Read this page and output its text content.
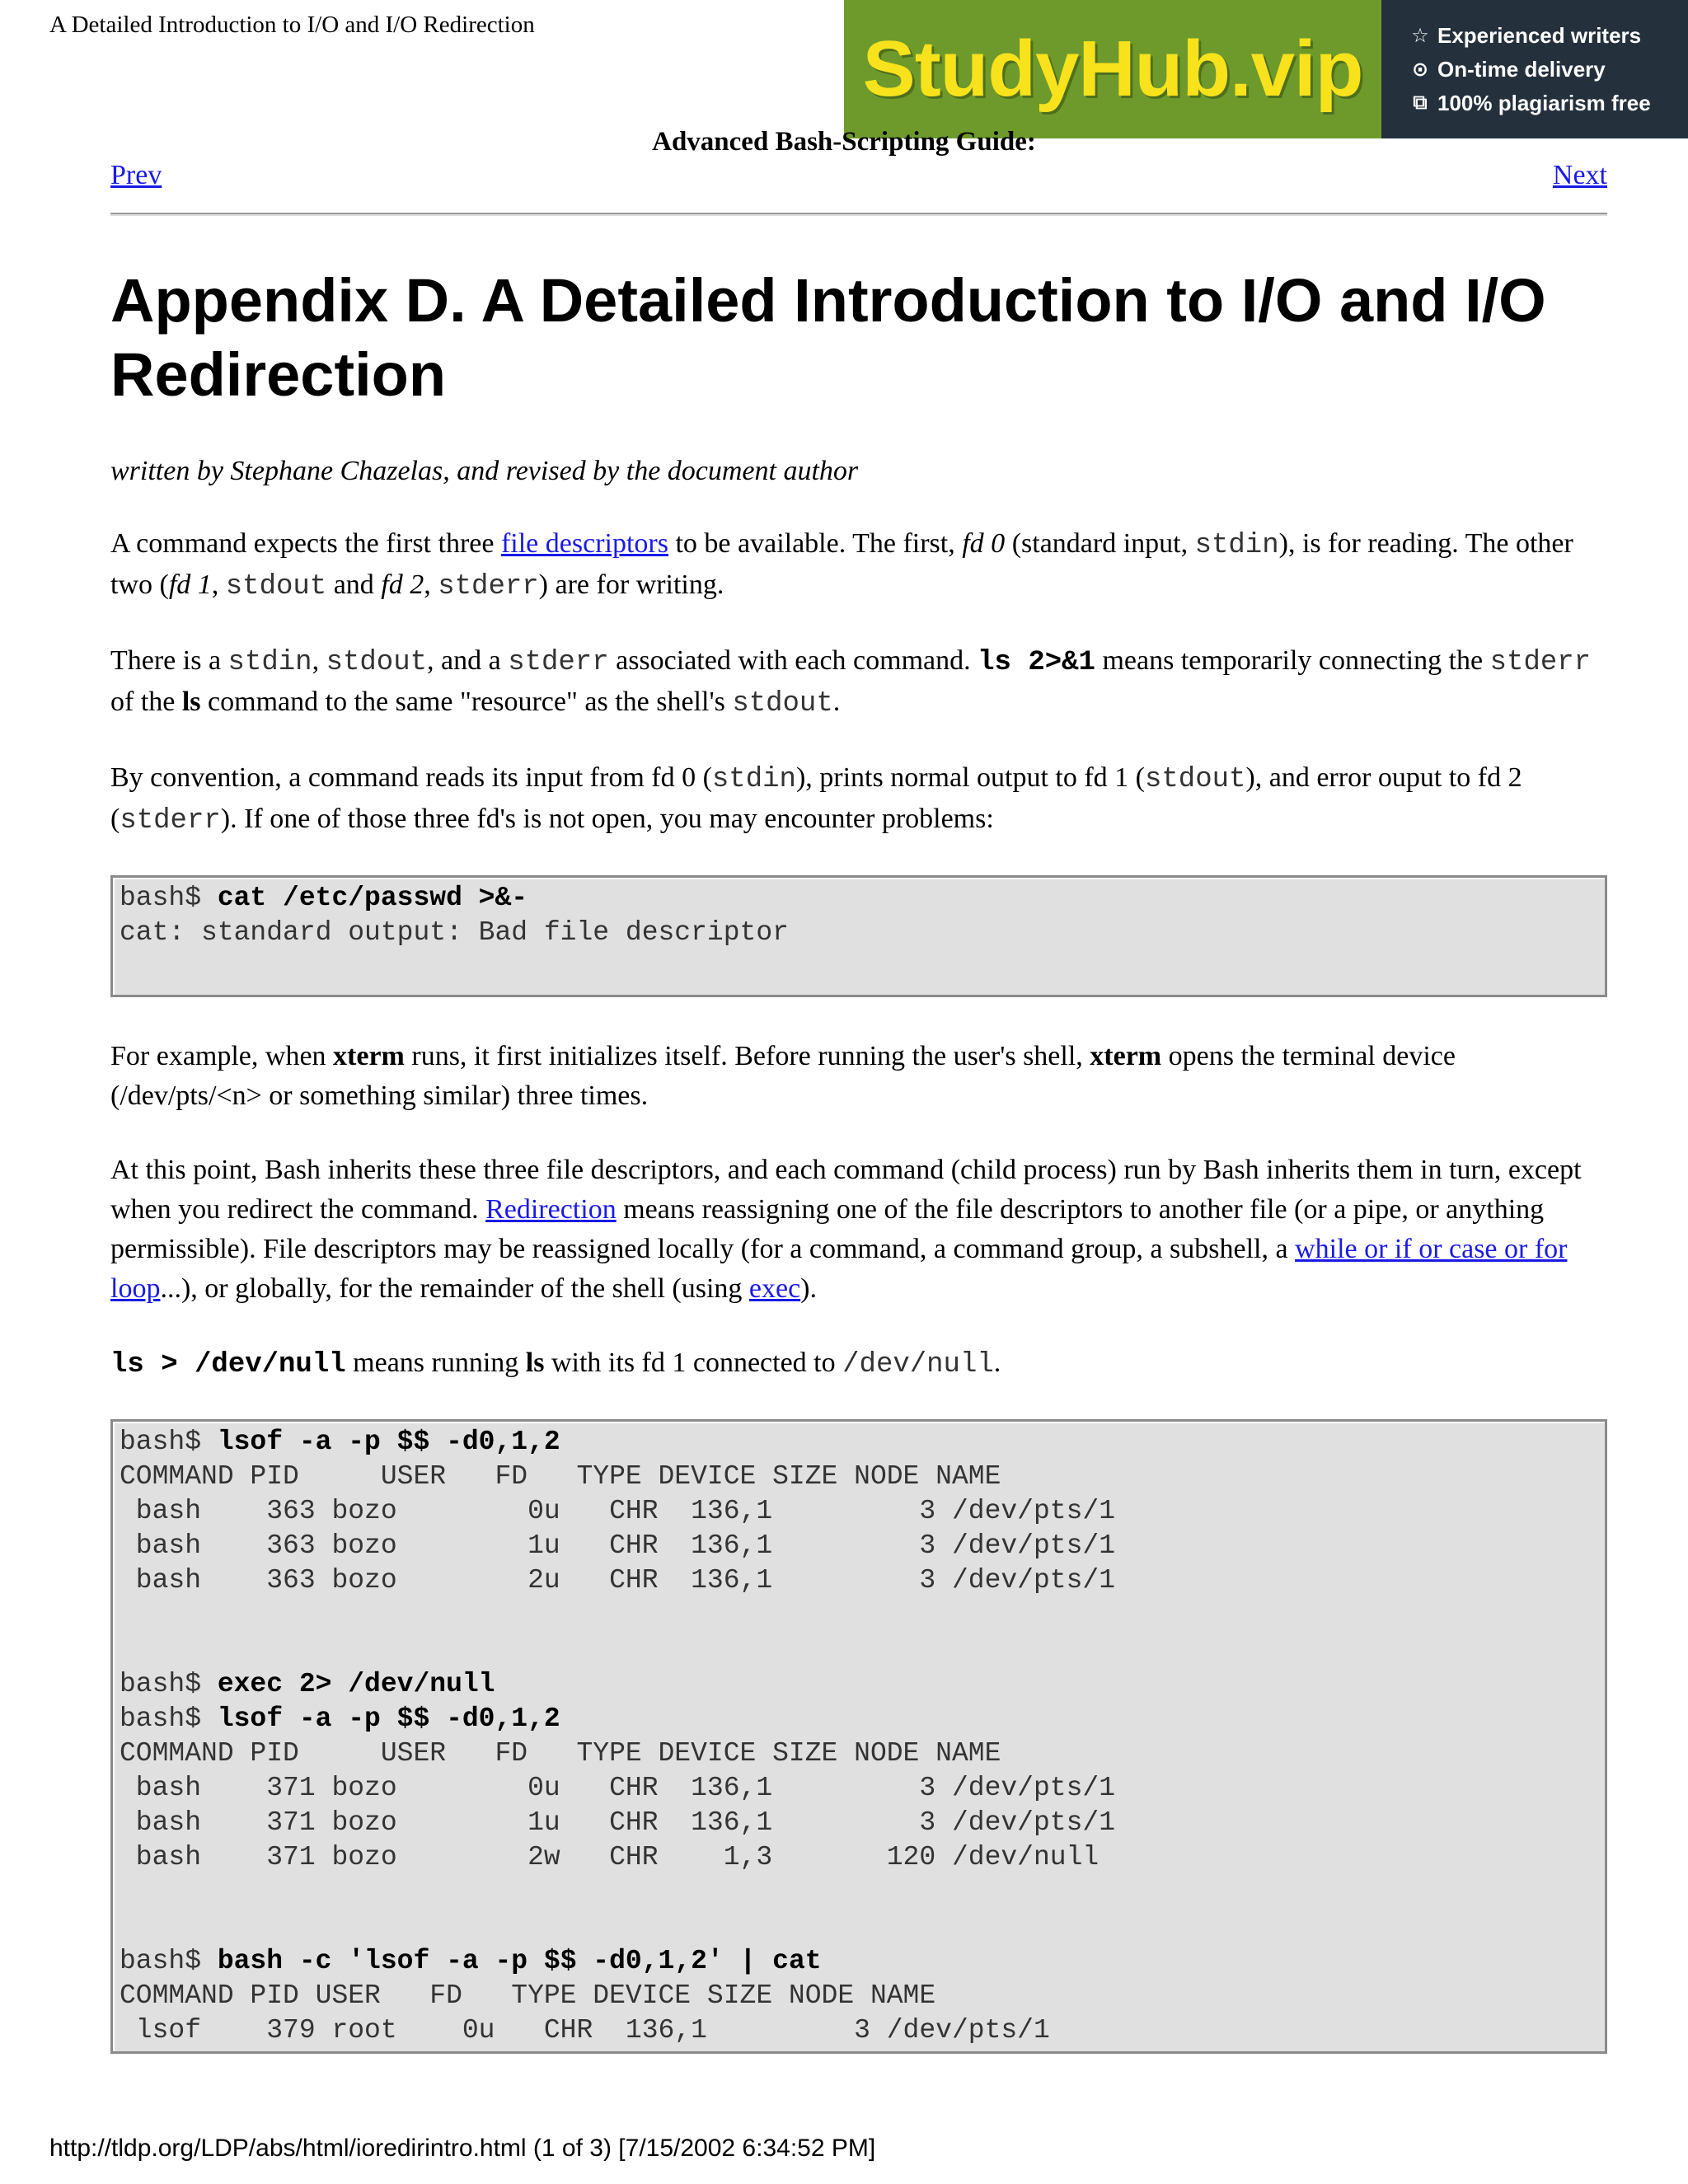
A Detailed Introduction to I/O and I/O Redirection	StudyHub.vip ☆ Experienced writers
⊙ On-time delivery
⧉ 100% plagiarism free
Advanced Bash-Scripting Guide:
Prev	Next
Appendix D. A Detailed Introduction to I/O and I/O Redirection

written by Stephane Chazelas, and revised by the document author

A command expects the first three file descriptors to be available. The first, fd 0 (standard input, stdin), is for reading. The other two (fd 1, stdout and fd 2, stderr) are for writing.

There is a stdin, stdout, and a stderr associated with each command. ls 2>&1 means temporarily connecting the stderr of the ls command to the same "resource" as the shell's stdout.

By convention, a command reads its input from fd 0 (stdin), prints normal output to fd 1 (stdout), and error ouput to fd 2 (stderr). If one of those three fd's is not open, you may encounter problems:

bash$ cat /etc/passwd >&-
cat: standard output: Bad file descriptor

For example, when xterm runs, it first initializes itself. Before running the user's shell, xterm opens the terminal device (/dev/pts/<n> or something similar) three times.

At this point, Bash inherits these three file descriptors, and each command (child process) run by Bash inherits them in turn, except when you redirect the command. Redirection means reassigning one of the file descriptors to another file (or a pipe, or anything permissible). File descriptors may be reassigned locally (for a command, a command group, a subshell, a while or if or case or for loop...), or globally, for the remainder of the shell (using exec).

ls > /dev/null means running ls with its fd 1 connected to /dev/null.

bash$ lsof -a -p $$ -d0,1,2
COMMAND PID     USER   FD   TYPE DEVICE SIZE NODE NAME
bash    363 bozo        0u   CHR  136,1         3 /dev/pts/1
bash    363 bozo        1u   CHR  136,1         3 /dev/pts/1
bash    363 bozo        2u   CHR  136,1         3 /dev/pts/1

bash$ exec 2> /dev/null
bash$ lsof -a -p $$ -d0,1,2
COMMAND PID     USER   FD   TYPE DEVICE SIZE NODE NAME
bash    371 bozo        0u   CHR  136,1         3 /dev/pts/1
bash    371 bozo        1u   CHR  136,1         3 /dev/pts/1
bash    371 bozo        2w   CHR    1,3       120 /dev/null

bash$ bash -c 'lsof -a -p $$ -d0,1,2' | cat
COMMAND PID USER   FD   TYPE DEVICE SIZE NODE NAME
lsof    379 root    0u   CHR  136,1         3 /dev/pts/1
http://tldp.org/LDP/abs/html/ioredirintro.html (1 of 3) [7/15/2002 6:34:52 PM]
